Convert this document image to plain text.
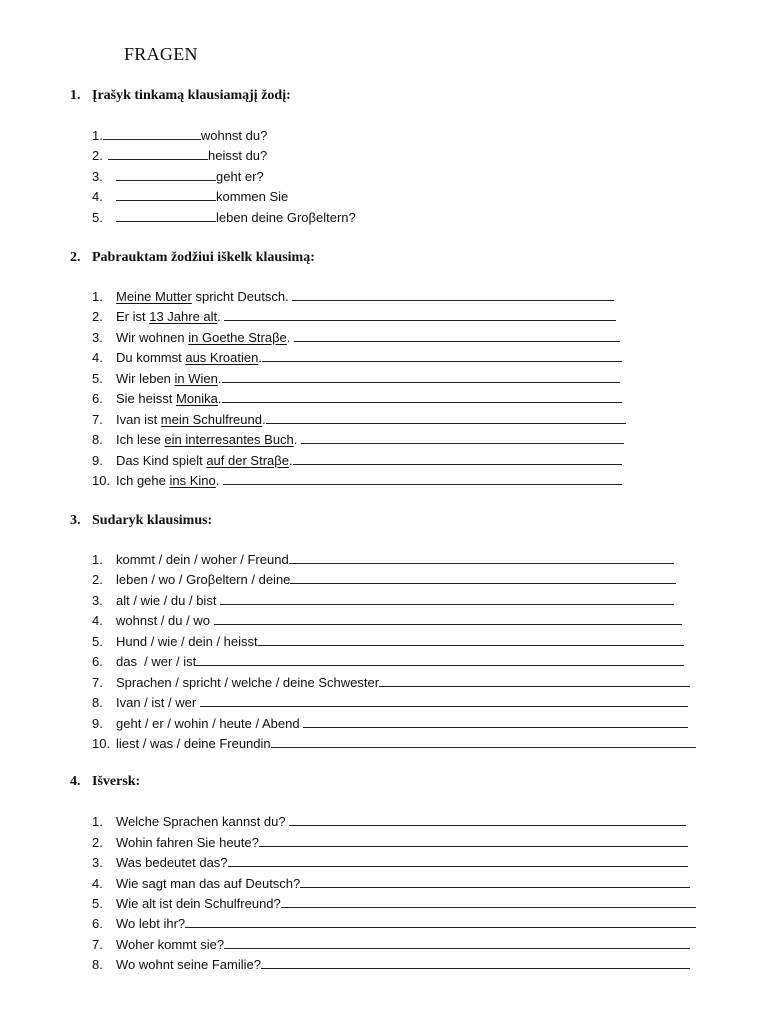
FRAGEN
1. Įrašyk tinkamą klausiamąjį žodį:
1.	wohnst du?
2.	heisst du?
3.	geht er?
4.	kommen Sie
5.	leben deine Groβeltern?
2. Pabrauktam žodžiui iškelk klausimą:
1.	Meine Mutter spricht Deutsch.
2.	Er ist 13 Jahre alt .
3.	Wir wohnen in Goethe Straβe .
4.	Du kommst aus Kroatien .
5.	Wir leben in Wien .
6.	Sie heisst Monika .
7.	Ivan ist mein Schulfreund .
8.	Ich lese ein interresantes Buch .
9.	Das Kind spielt auf der Straβe .
10. Ich gehe ins Kino .
3. Sudaryk klausimus:
1.	kommt / dein / woher / Freund
2.	leben / wo / Groβeltern / deine
3.	alt / wie / du / bist
4.	wohnst / du / wo
5.	Hund / wie / dein / heisst
6.	das  / wer / ist
7.	Sprachen / spricht / welche / deine Schwester
8.	Ivan / ist / wer
9.	geht / er / wohin / heute / Abend
10. liest / was / deine Freundin
4. Išversk:
1.	Welche Sprachen kannst du?
2.	Wohin fahren Sie heute?
3.	Was bedeutet das?
4.	Wie sagt man das auf Deutsch?
5.	Wie alt ist dein Schulfreund?
6.	Wo lebt ihr?
7.	Woher kommt sie?
8.	Wo wohnt seine Familie?
